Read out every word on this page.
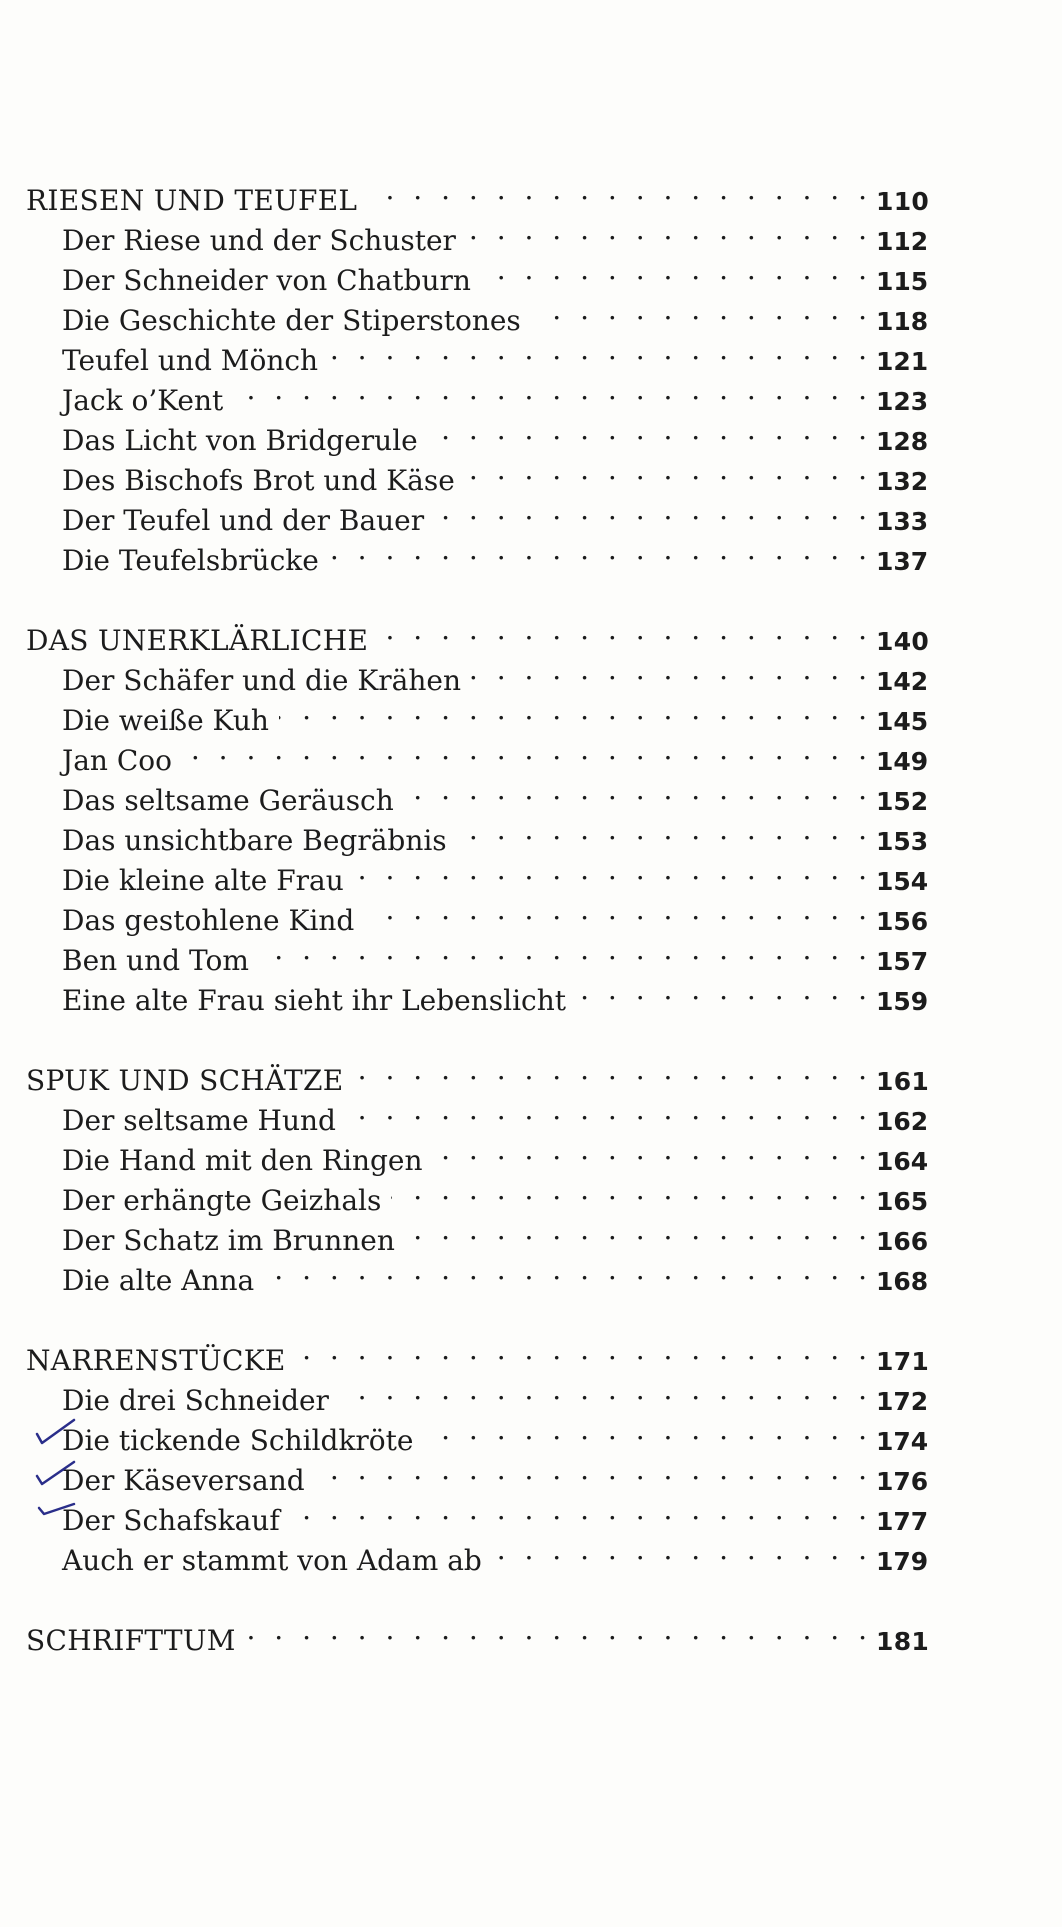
RIESEN UND TEUFEL . . .	110
Der Riese und der Schuster . . .	112
Der Schneider von Chatburn . . .	115
Die Geschichte der Stiperstones . . .	118
Teufel und Mönch . . .	121
Jack o’Kent . . .	123
Das Licht von Bridgerule . . .	128
Des Bischofs Brot und Käse . . .	132
Der Teufel und der Bauer . . .	133
Die Teufelsbrücke . . .	137
DAS UNERKLÄRLICHE . . .	140
Der Schäfer und die Krähen . . .	142
Die weiße Kuh . . .	145
Jan Coo . . .	149
Das seltsame Geräusch . . .	152
Das unsichtbare Begräbnis . . .	153
Die kleine alte Frau . . .	154
Das gestohlene Kind . . .	156
Ben und Tom . . .	157
Eine alte Frau sieht ihr Lebenslicht . . .	159
SPUK UND SCHÄTZE . . .	161
Der seltsame Hund . . .	162
Die Hand mit den Ringen . . .	164
Der erhängte Geizhals . . .	165
Der Schatz im Brunnen . . .	166
Die alte Anna . . .	168
NARRENSTÜCKE . . .	171
Die drei Schneider . . .	172
Die tickende Schildkröte . . .	174
Der Käseversand . . .	176
Der Schafskauf . . .	177
Auch er stammt von Adam ab . . .	179
SCHRIFTTUM . . .	181
